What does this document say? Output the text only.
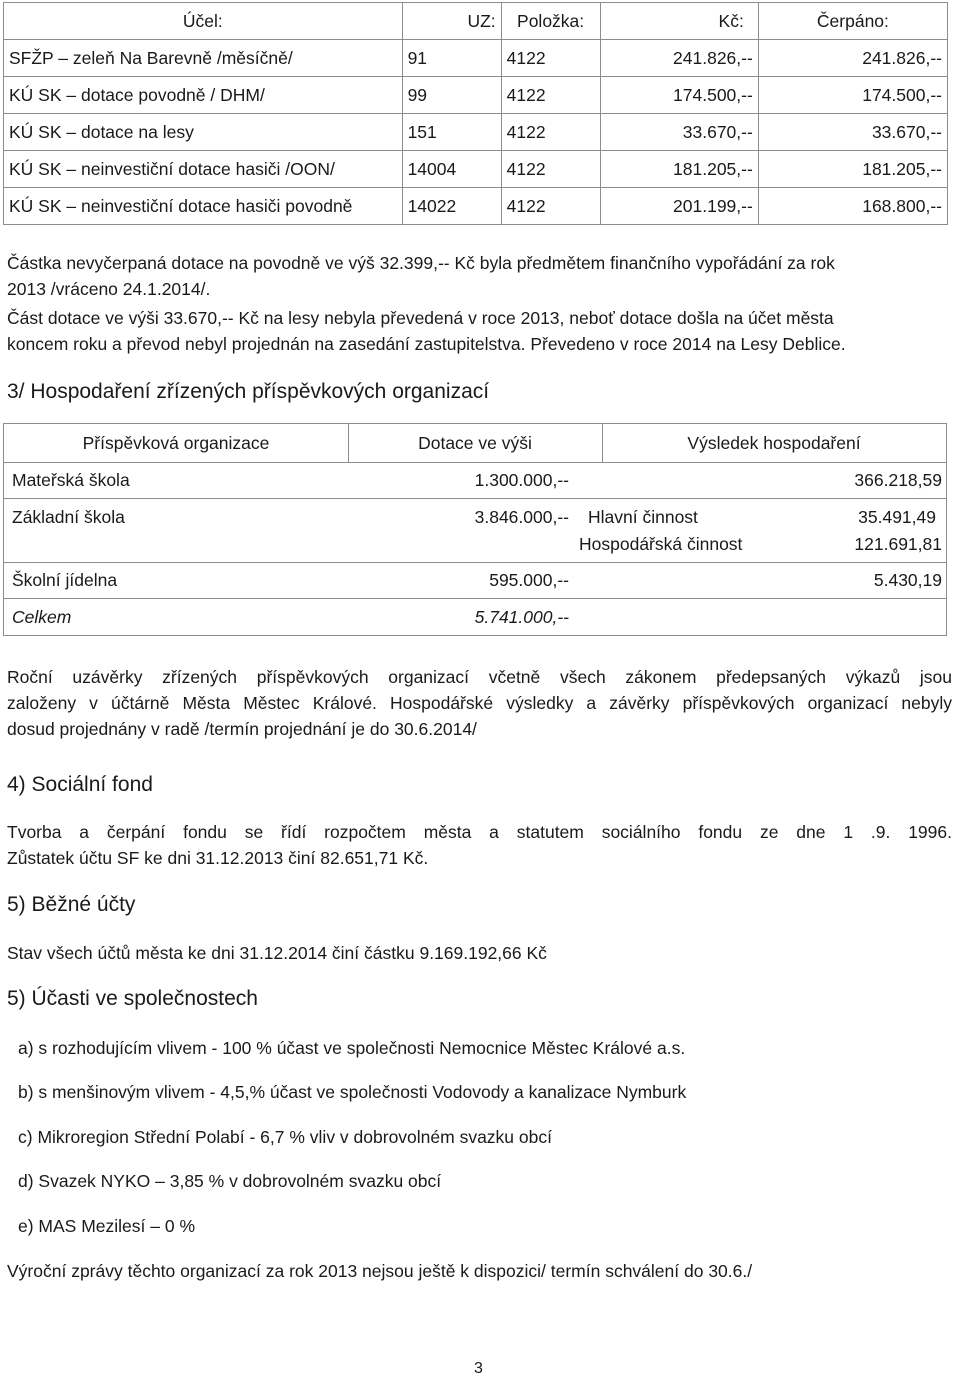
Účel:	UZ:	Položka:	Kč:	Čerpáno:
SFŽP – zeleň Na Barevně /měsíčně/	91	4122	241.826,--	241.826,--
KÚ SK – dotace povodně / DHM/	99	4122	174.500,--	174.500,--
KÚ SK – dotace na lesy	151	4122	33.670,--	33.670,--
KÚ SK – neinvestiční dotace hasiči /OON/	14004	4122	181.205,--	181.205,--
KÚ SK – neinvestiční dotace hasiči povodně	14022	4122	201.199,--	168.800,--
Částka nevyčerpaná dotace na povodně ve výš 32.399,-- Kč byla předmětem finančního vypořádání za rok
2013 /vráceno 24.1.2014/.
Část dotace ve výši 33.670,-- Kč na lesy nebyla převedená v roce 2013, neboť dotace došla na účet města
koncem roku a převod nebyl projednán na zasedání zastupitelstva. Převedeno v roce 2014 na Lesy Deblice.
3/ Hospodaření zřízených příspěvkových organizací
Příspěvková organizace	Dotace ve výši	Výsledek hospodaření
Mateřská škola	1.300.000,--	366.218,59
Základní škola	3.846.000,-- Hlavní činnost	35.491,49
Hospodářská činnost	121.691,81
Školní jídelna	595.000,--	5.430,19
Celkem	5.741.000,--
Roční uzávěrky zřízených příspěvkových organizací včetně všech zákonem předepsaných výkazů jsou
založeny v účtárně Města Městec Králové. Hospodářské výsledky a závěrky příspěvkových organizací nebyly
dosud projednány v radě /termín projednání je do 30.6.2014/
4) Sociální fond
Tvorba a čerpání fondu se řídí rozpočtem města a statutem sociálního fondu ze dne 1 .9. 1996.
Zůstatek účtu SF ke dni 31.12.2013 činí 82.651,71 Kč.
5) Běžné účty
Stav všech účtů města ke dni 31.12.2014 činí částku 9.169.192,66 Kč
5) Účasti ve společnostech
a) s rozhodujícím vlivem - 100 % účast ve společnosti Nemocnice Městec Králové a.s.
b) s menšinovým vlivem - 4,5,% účast ve společnosti Vodovody a kanalizace Nymburk
c) Mikroregion Střední Polabí - 6,7 % vliv v dobrovolném svazku obcí
d) Svazek NYKO – 3,85 % v dobrovolném svazku obcí
e) MAS Mezilesí – 0 %
Výroční zprávy těchto organizací za rok 2013 nejsou ještě k dispozici/ termín schválení do 30.6./
3
